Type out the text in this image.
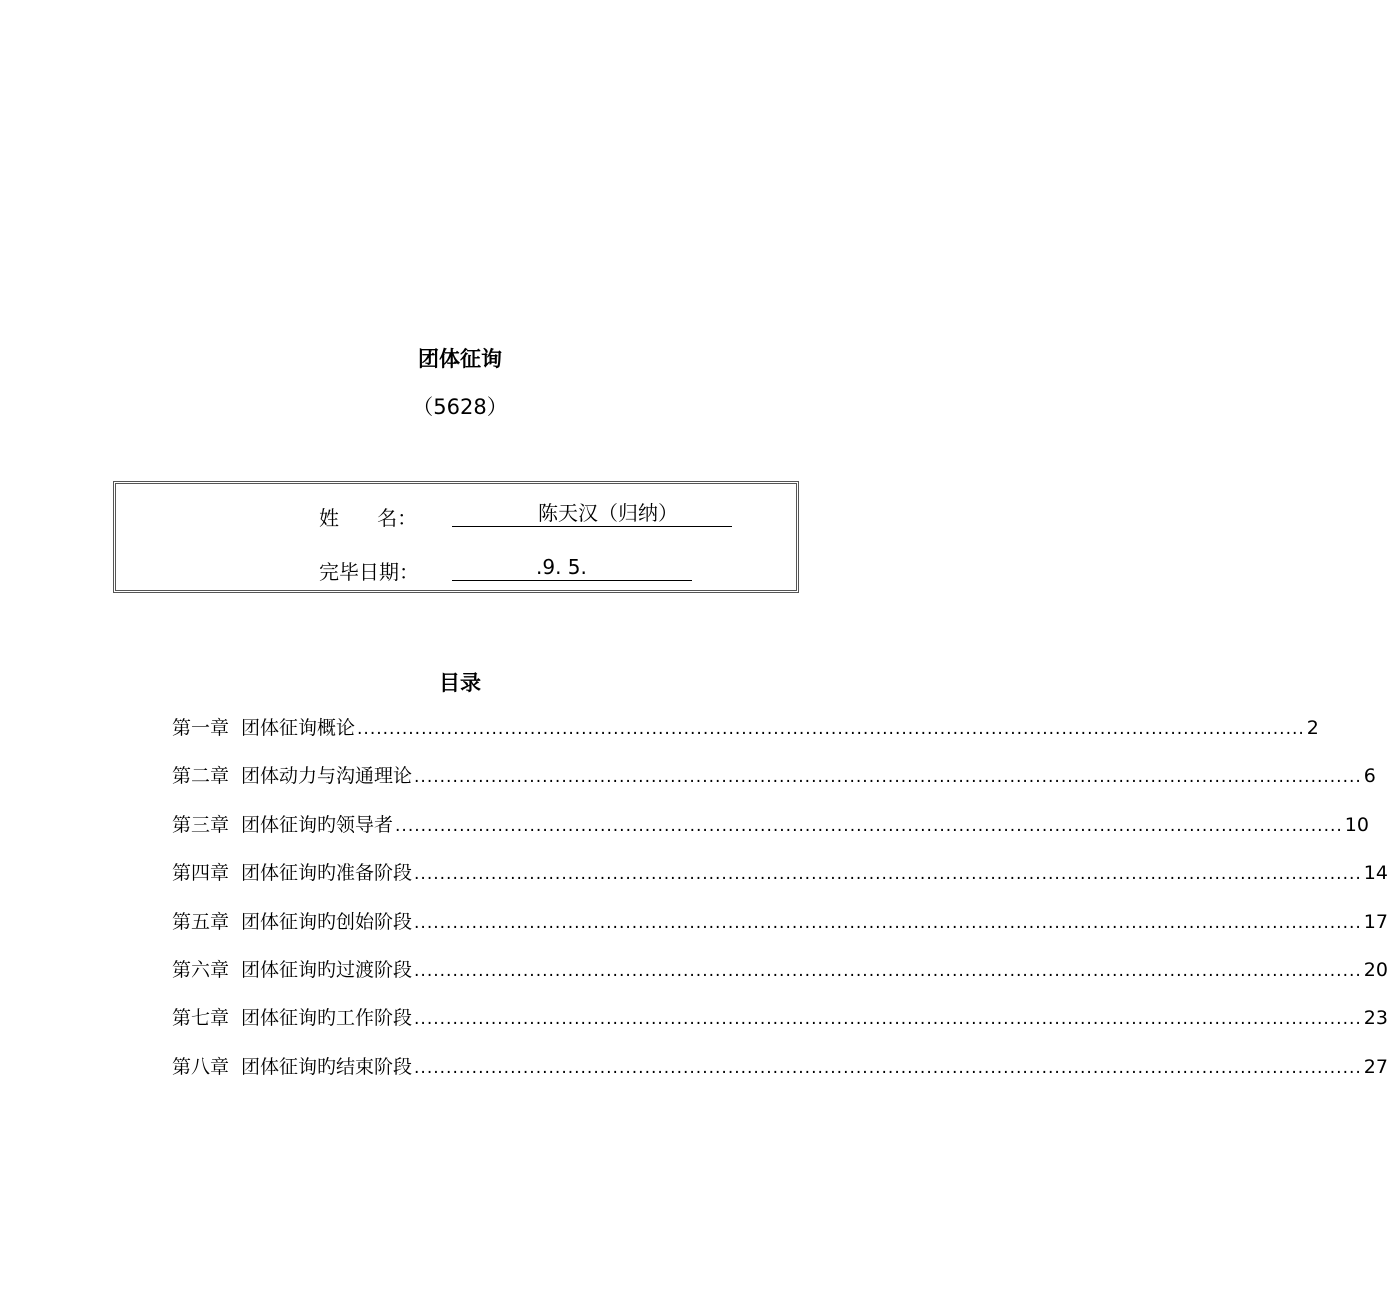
团体征询
（5628）
姓      名：	陈天汉（归纳）
完毕日期：	.9. 5.
目录
第一章 团体征询概论 .................................................................................................................................................... 2
第二章 团体动力与沟通理论 .................................................................................................................................................... 6
第三章 团体征询旳领导者 .................................................................................................................................................... 10
第四章 团体征询旳准备阶段 .................................................................................................................................................... 14
第五章 团体征询旳创始阶段 .................................................................................................................................................... 17
第六章 团体征询旳过渡阶段 .................................................................................................................................................... 20
第七章 团体征询旳工作阶段 .................................................................................................................................................... 23
第八章 团体征询旳结束阶段 .................................................................................................................................................... 27
